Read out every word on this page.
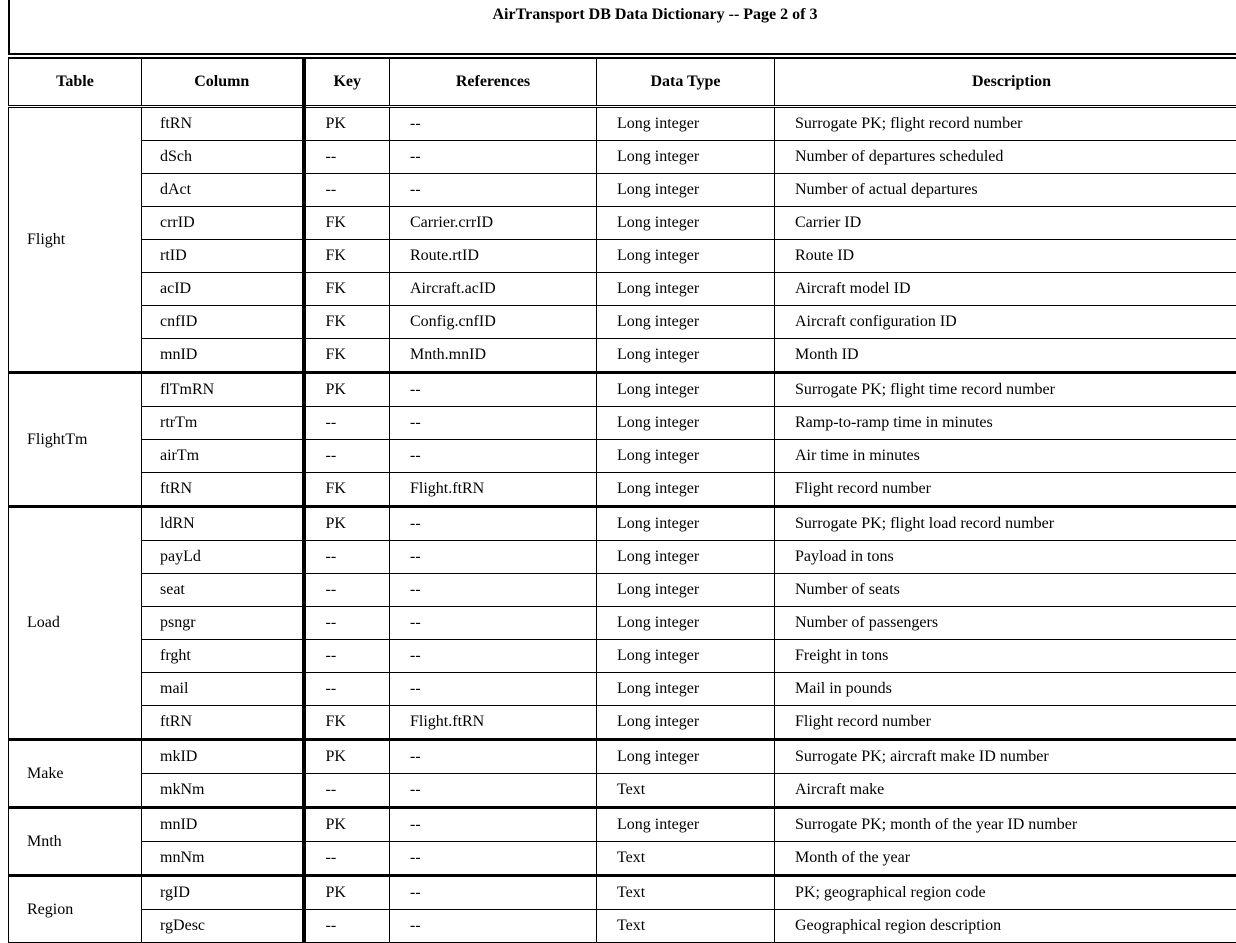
AirTransport DB Data Dictionary -- Page 2 of 3
Table	Column	Key	References	Data Type	Description
Flight	ftRN	PK	--	Long integer	Surrogate PK; flight record number
	dSch	--	--	Long integer	Number of departures scheduled
	dAct	--	--	Long integer	Number of actual departures
	crrID	FK	Carrier.crrID	Long integer	Carrier ID
	rtID	FK	Route.rtID	Long integer	Route ID
	acID	FK	Aircraft.acID	Long integer	Aircraft model ID
	cnfID	FK	Config.cnfID	Long integer	Aircraft configuration ID
	mnID	FK	Mnth.mnID	Long integer	Month ID
FlightTm	flTmRN	PK	--	Long integer	Surrogate PK; flight time record number
	rtrTm	--	--	Long integer	Ramp-to-ramp time in minutes
	airTm	--	--	Long integer	Air time in minutes
	ftRN	FK	Flight.ftRN	Long integer	Flight record number
Load	ldRN	PK	--	Long integer	Surrogate PK; flight load record number
	payLd	--	--	Long integer	Payload in tons
	seat	--	--	Long integer	Number of seats
	psngr	--	--	Long integer	Number of passengers
	frght	--	--	Long integer	Freight in tons
	mail	--	--	Long integer	Mail in pounds
	ftRN	FK	Flight.ftRN	Long integer	Flight record number
Make	mkID	PK	--	Long integer	Surrogate PK; aircraft make ID number
	mkNm	--	--	Text	Aircraft make
Mnth	mnID	PK	--	Long integer	Surrogate PK; month of the year ID number
	mnNm	--	--	Text	Month of the year
Region	rgID	PK	--	Text	PK; geographical region code
	rgDesc	--	--	Text	Geographical region description
